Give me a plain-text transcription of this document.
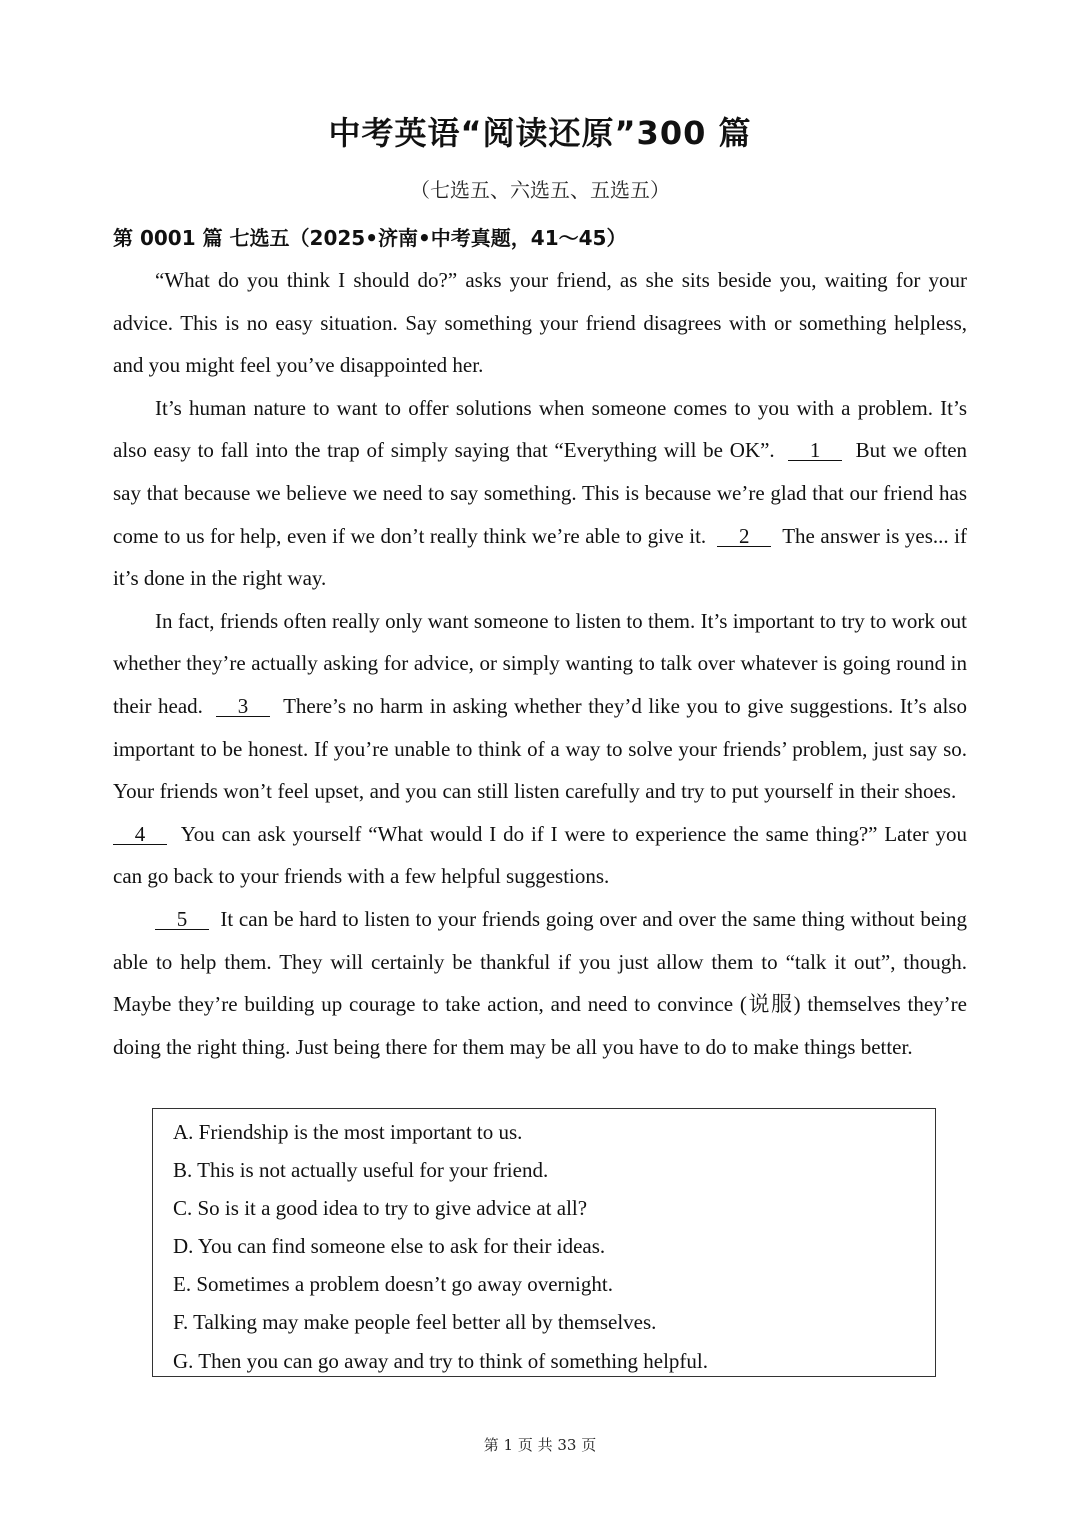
中考英语“阅读还原”300 篇
（七选五、六选五、五选五）
第 0001 篇 七选五（2025•济南•中考真题，41～45）

“What do you think I should do?” asks your friend, as she sits beside you, waiting for your advice. This is no easy situation. Say something your friend disagrees with or something helpless, and you might feel you’ve disappointed her.

It’s human nature to want to offer solutions when someone comes to you with a problem. It’s also easy to fall into the trap of simply saying that “Everything will be OK”. 1 But we often say that because we believe we need to say something. This is because we’re glad that our friend has come to us for help, even if we don’t really think we’re able to give it. 2 The answer is yes... if it’s done in the right way.

In fact, friends often really only want someone to listen to them. It’s important to try to work out whether they’re actually asking for advice, or simply wanting to talk over whatever is going round in their head. 3 There’s no harm in asking whether they’d like you to give suggestions. It’s also important to be honest. If you’re unable to think of a way to solve your friends’ problem, just say so. Your friends won’t feel upset, and you can still listen carefully and try to put yourself in their shoes.  4 You can ask yourself “What would I do if I were to experience the same thing?” Later you can go back to your friends with a few helpful suggestions.

5 It can be hard to listen to your friends going over and over the same thing without being able to help them. They will certainly be thankful if you just allow them to “talk it out”, though. Maybe they’re building up courage to take action, and need to convince (说服) themselves they’re doing the right thing. Just being there for them may be all you have to do to make things better.

A. Friendship is the most important to us.
B. This is not actually useful for your friend.
C. So is it a good idea to try to give advice at all?
D. You can find someone else to ask for their ideas.
E. Sometimes a problem doesn’t go away overnight.
F. Talking may make people feel better all by themselves.
G. Then you can go away and try to think of something helpful.
第 1 页 共 33 页
